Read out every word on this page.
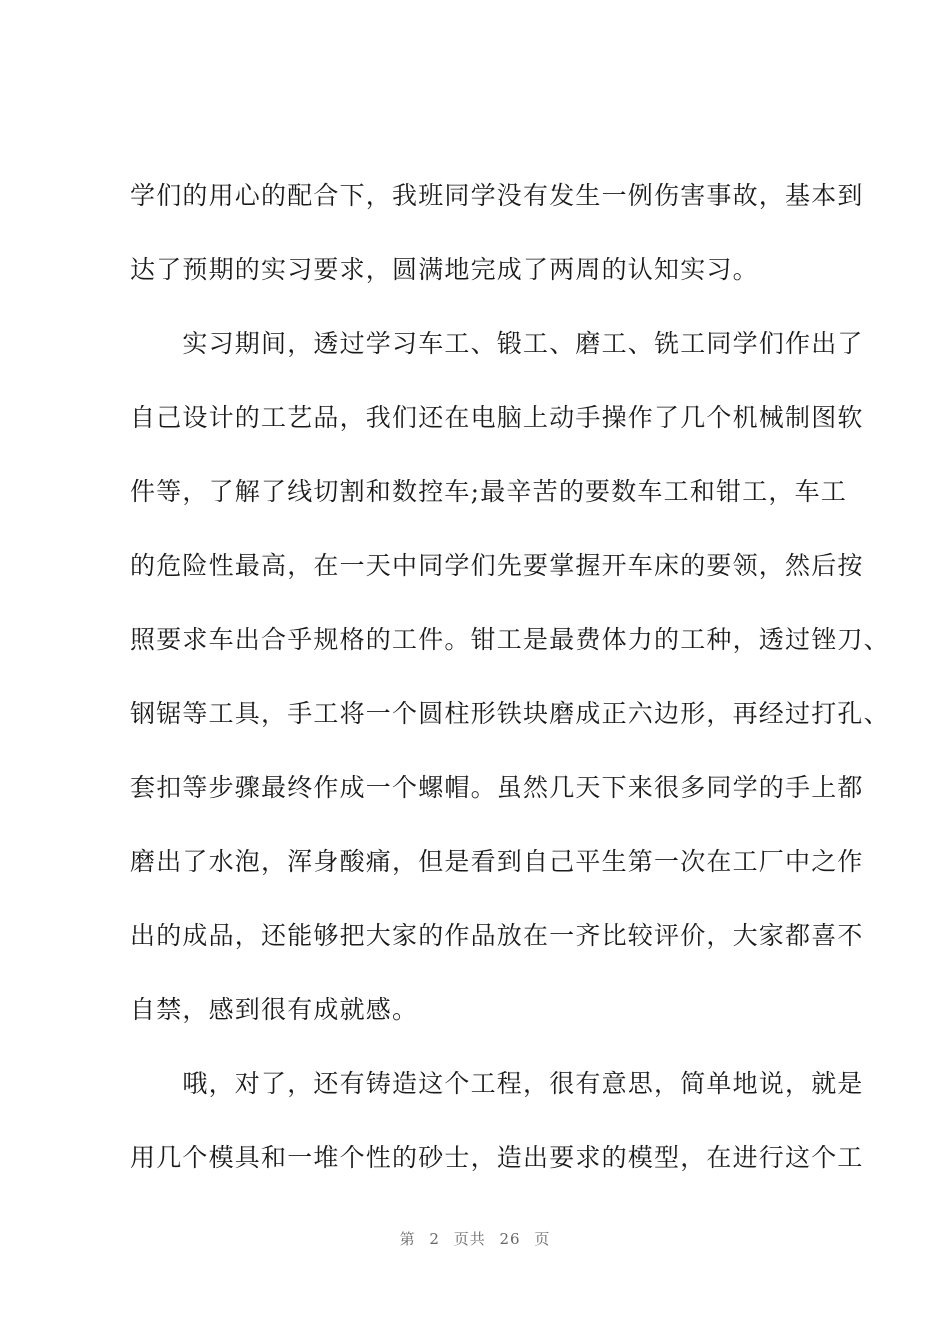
学们的用心的配合下，我班同学没有发生一例伤害事故，基本到
达了预期的实习要求，圆满地完成了两周的认知实习。
　　实习期间，透过学习车工、锻工、磨工、铣工同学们作出了
自己设计的工艺品，我们还在电脑上动手操作了几个机械制图软
件等，了解了线切割和数控车;最辛苦的要数车工和钳工，车工
的危险性最高，在一天中同学们先要掌握开车床的要领，然后按
照要求车出合乎规格的工件。钳工是最费体力的工种，透过锉刀、
钢锯等工具，手工将一个圆柱形铁块磨成正六边形，再经过打孔、
套扣等步骤最终作成一个螺帽。虽然几天下来很多同学的手上都
磨出了水泡，浑身酸痛，但是看到自己平生第一次在工厂中之作
出的成品，还能够把大家的作品放在一齐比较评价，大家都喜不
自禁，感到很有成就感。
　　哦，对了，还有铸造这个工程，很有意思，简单地说，就是
用几个模具和一堆个性的砂士，造出要求的模型，在进行这个工
第 2 页共 26 页
